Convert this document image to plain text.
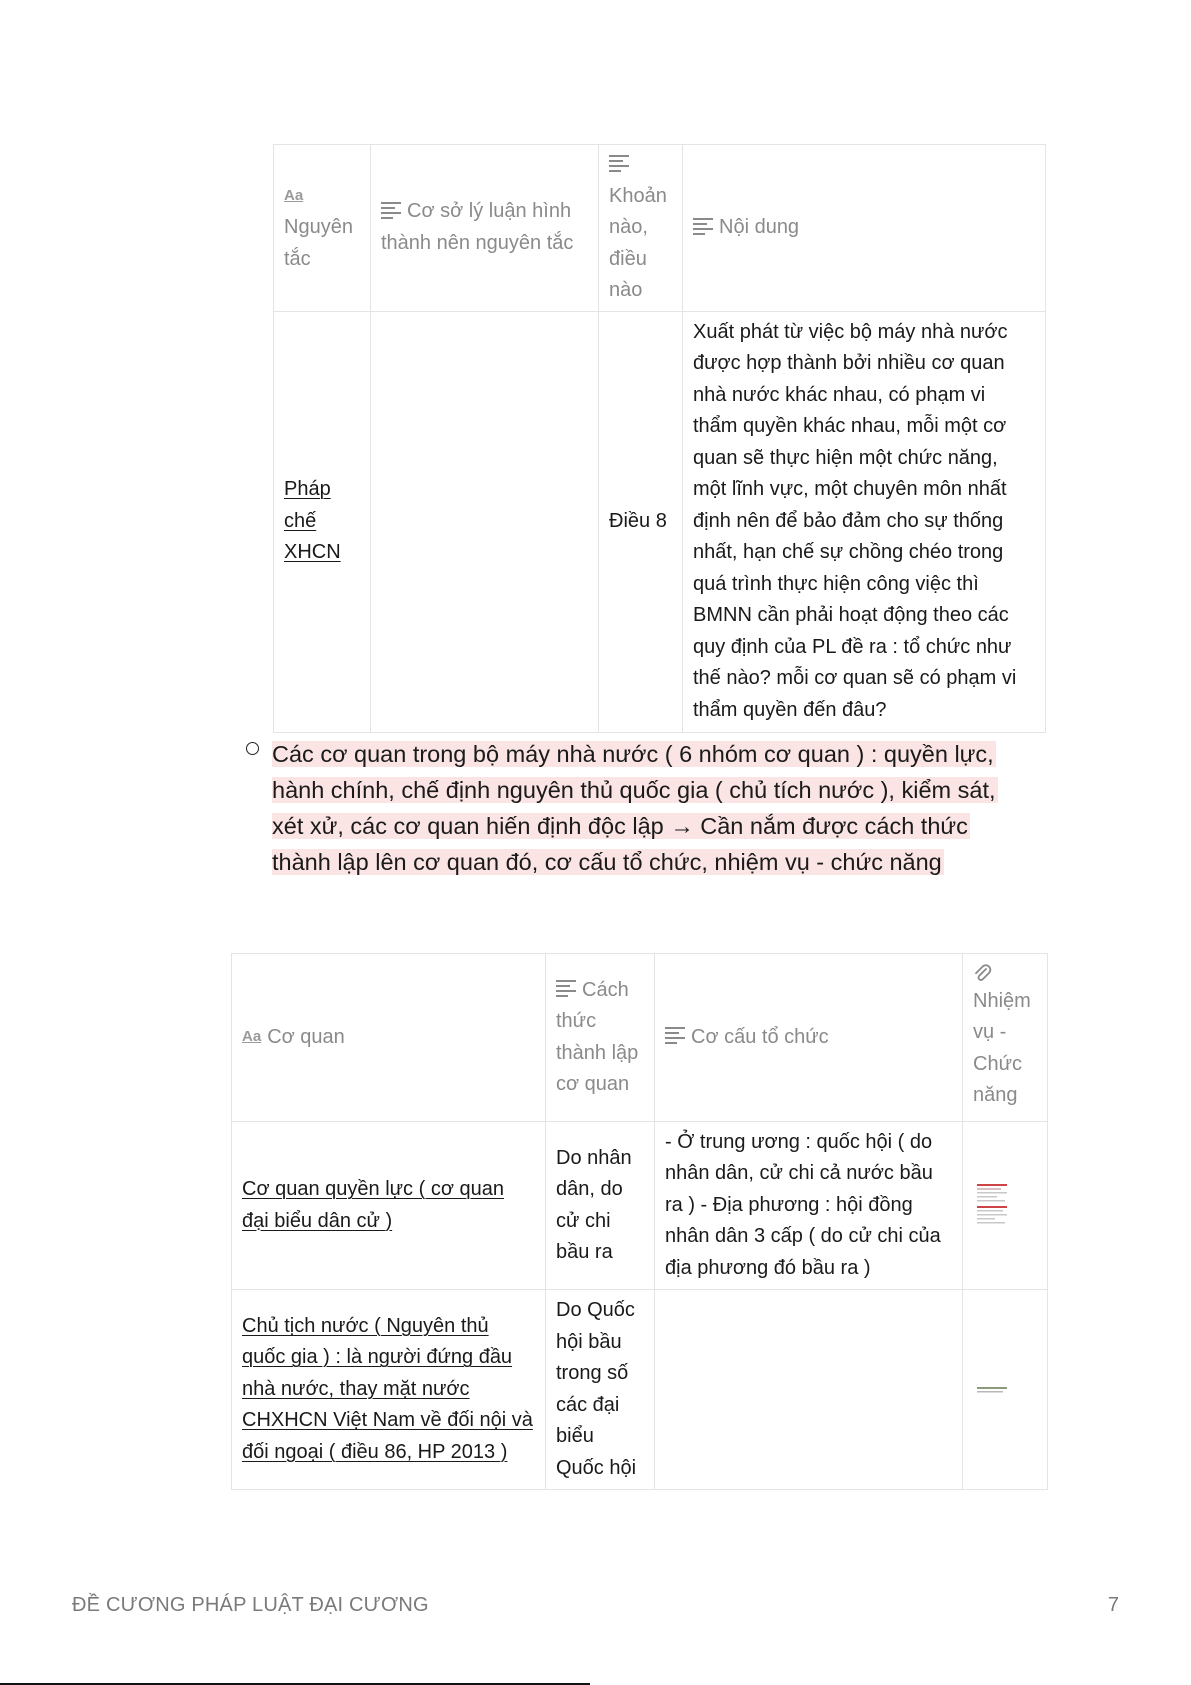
Aa
Nguyên tắc	Cơ sở lý luận hình thành nên nguyên tắc	Khoản nào, điều nào	Nội dung
Pháp chế XHCN		Điều 8	Xuất phát từ việc bộ máy nhà nước được hợp thành bởi nhiều cơ quan nhà nước khác nhau, có phạm vi thẩm quyền khác nhau, mỗi một cơ quan sẽ thực hiện một chức năng, một lĩnh vực, một chuyên môn nhất định nên để bảo đảm cho sự thống nhất, hạn chế sự chồng chéo trong quá trình thực hiện công việc thì BMNN cần phải hoạt động theo các quy định của PL đề ra : tổ chức như thế nào? mỗi cơ quan sẽ có phạm vi thẩm quyền đến đâu?
Các cơ quan trong bộ máy nhà nước ( 6 nhóm cơ quan ) : quyền lực, hành chính, chế định nguyên thủ quốc gia ( chủ tích nước ), kiểm sát, xét xử, các cơ quan hiến định độc lập → Cần nắm được cách thức thành lập lên cơ quan đó, cơ cấu tổ chức, nhiệm vụ - chức năng
Aa Cơ quan	Cách thức thành lập cơ quan	Cơ cấu tổ chức	Nhiệm vụ - Chức năng
Cơ quan quyền lực ( cơ quan đại biểu dân cử )	Do nhân dân, do cử chi bầu ra	- Ở trung ương : quốc hội ( do nhân dân, cử chi cả nước bầu ra ) - Địa phương : hội đồng nhân dân 3 cấp ( do cử chi của địa phương đó bầu ra )	

Chủ tịch nước ( Nguyên thủ quốc gia ) : là người đứng đầu nhà nước, thay mặt nước CHXHCN Việt Nam về đối nội và đối ngoại ( điều 86, HP 2013 )	Do Quốc hội bầu trong số các đại biểu Quốc hội		
ĐỀ CƯƠNG PHÁP LUẬT ĐẠI CƯƠNG	7
